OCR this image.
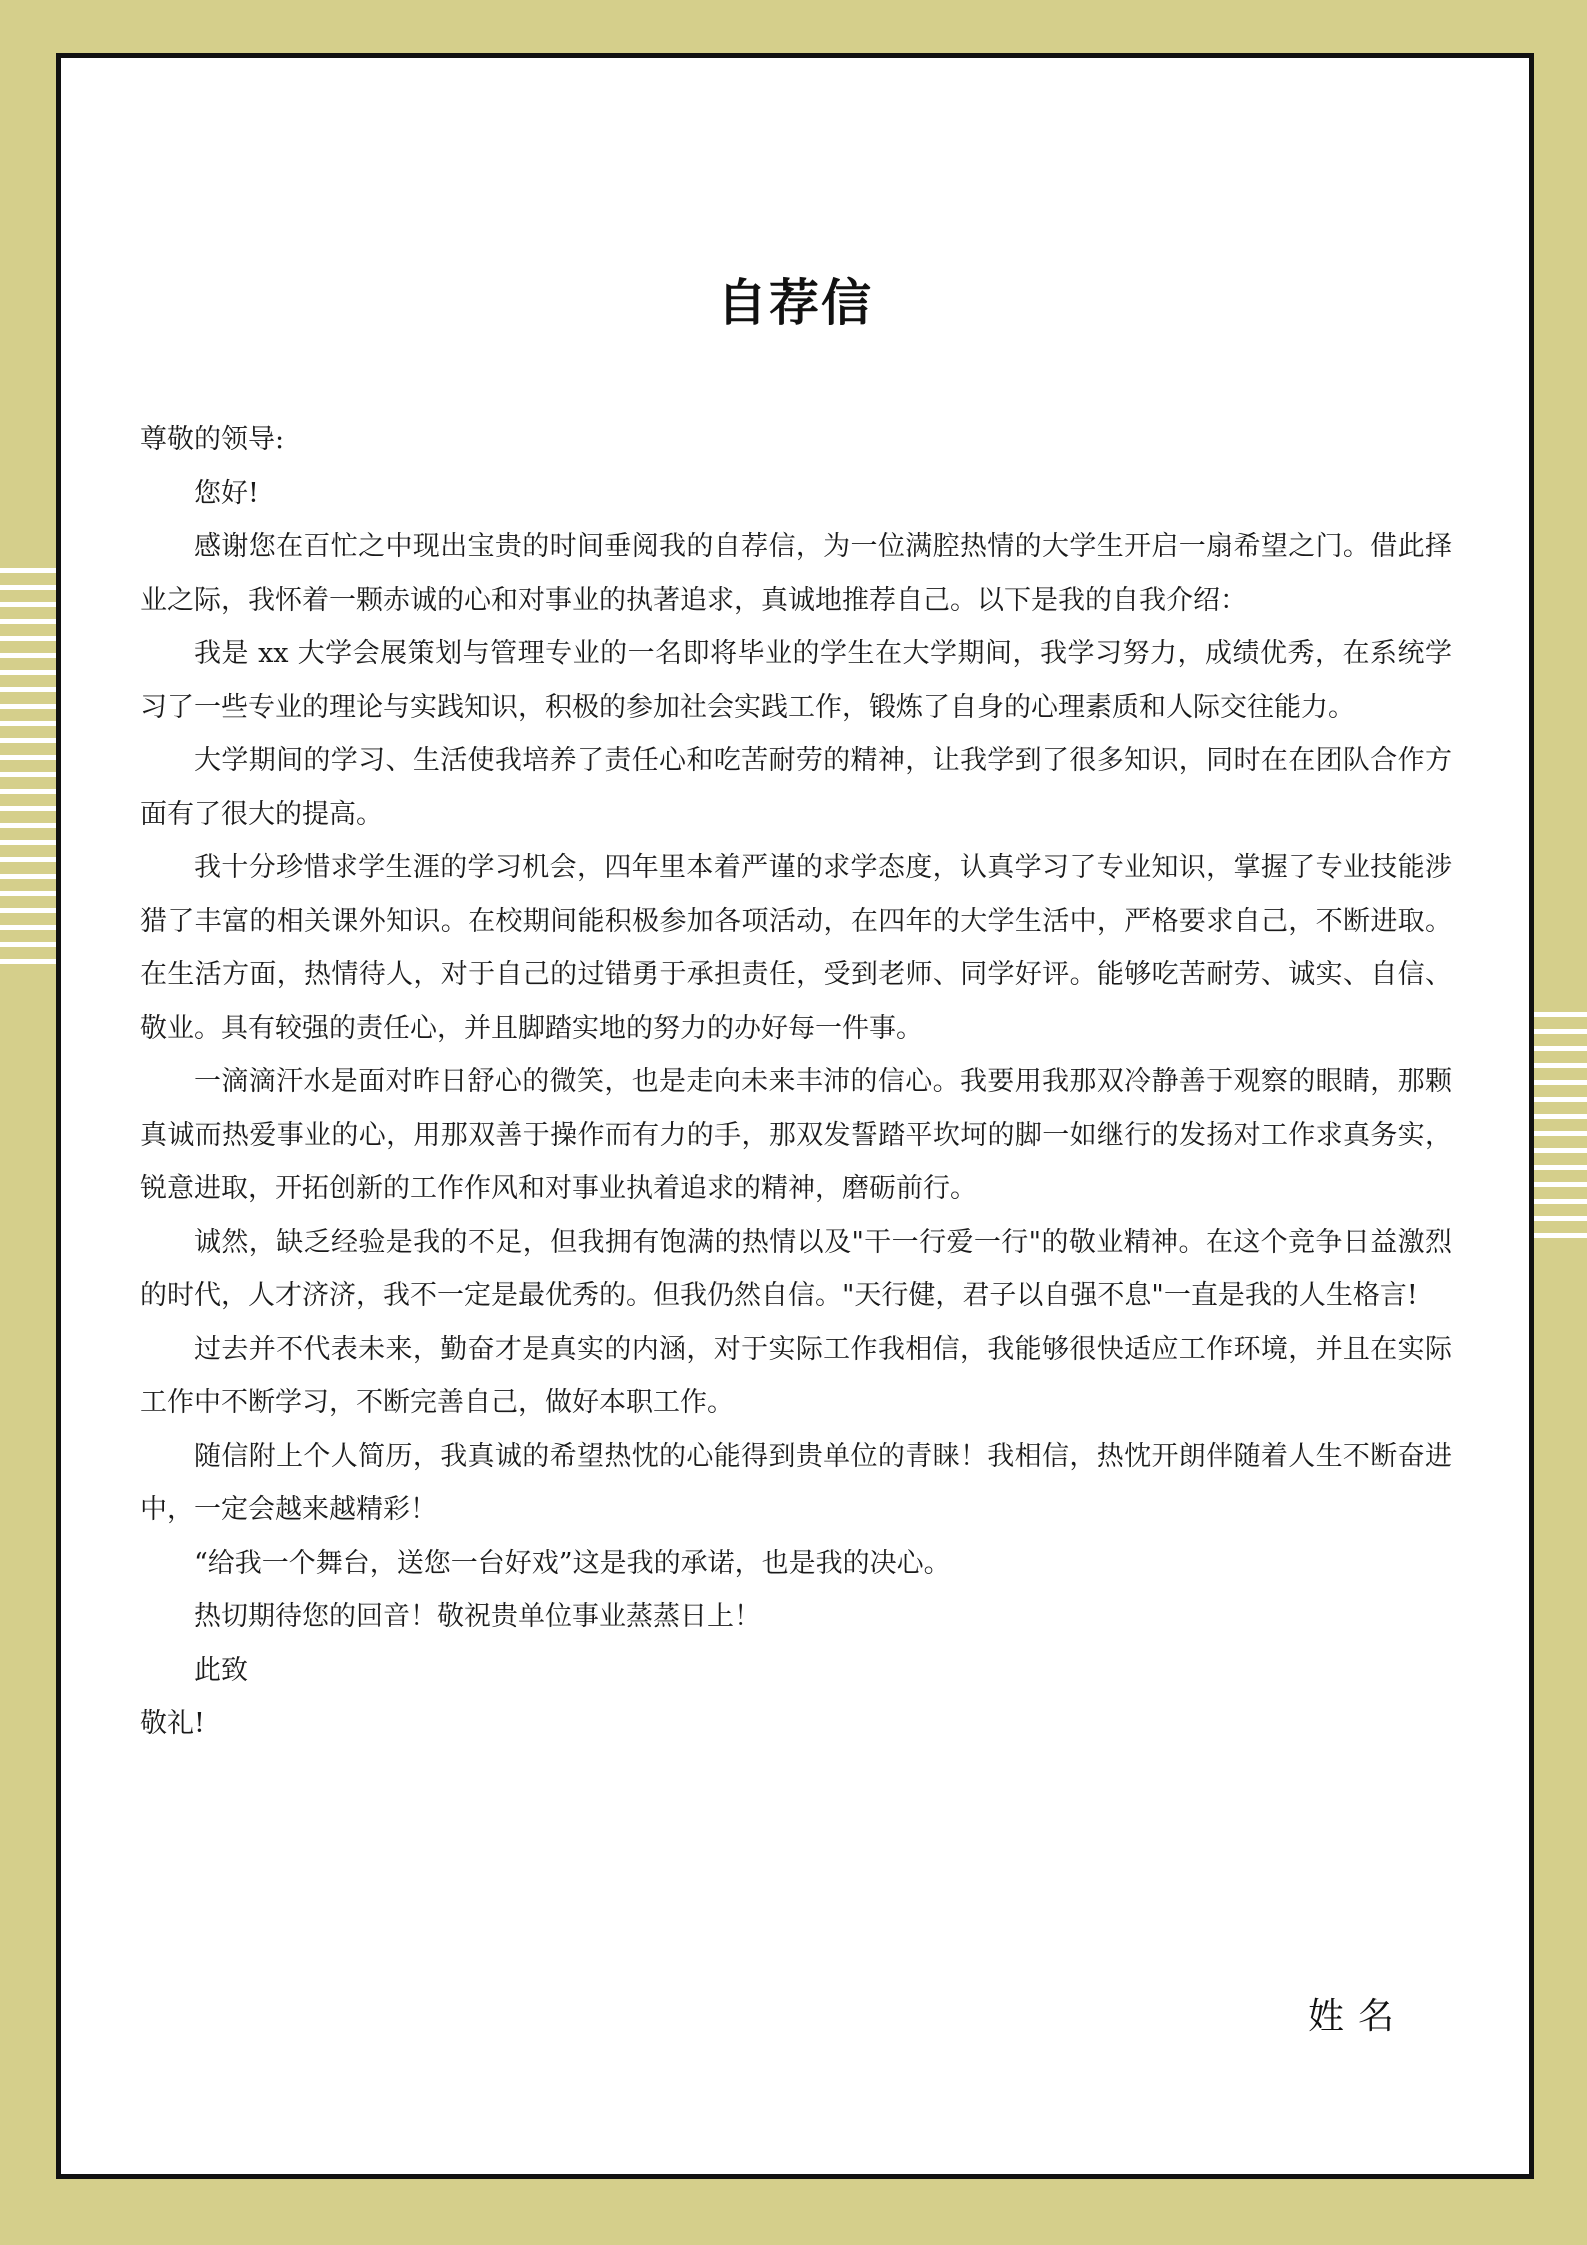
自荐信

尊敬的领导:

您好!

感谢您在百忙之中现出宝贵的时间垂阅我的自荐信，为一位满腔热情的大学生开启一扇希望之门。借此择业之际，我怀着一颗赤诚的心和对事业的执著追求，真诚地推荐自己。以下是我的自我介绍：

我是 xx 大学会展策划与管理专业的一名即将毕业的学生在大学期间，我学习努力，成绩优秀，在系统学习了一些专业的理论与实践知识，积极的参加社会实践工作，锻炼了自身的心理素质和人际交往能力。

大学期间的学习、生活使我培养了责任心和吃苦耐劳的精神，让我学到了很多知识，同时在在团队合作方面有了很大的提高。

我十分珍惜求学生涯的学习机会，四年里本着严谨的求学态度，认真学习了专业知识，掌握了专业技能涉猎了丰富的相关课外知识。在校期间能积极参加各项活动，在四年的大学生活中，严格要求自己，不断进取。在生活方面，热情待人，对于自己的过错勇于承担责任，受到老师、同学好评。能够吃苦耐劳、诚实、自信、敬业。具有较强的责任心，并且脚踏实地的努力的办好每一件事。

一滴滴汗水是面对昨日舒心的微笑，也是走向未来丰沛的信心。我要用我那双冷静善于观察的眼睛，那颗真诚而热爱事业的心，用那双善于操作而有力的手，那双发誓踏平坎坷的脚一如继行的发扬对工作求真务实，锐意进取，开拓创新的工作作风和对事业执着追求的精神，磨砺前行。

诚然，缺乏经验是我的不足，但我拥有饱满的热情以及"干一行爱一行"的敬业精神。在这个竞争日益激烈的时代，人才济济，我不一定是最优秀的。但我仍然自信。"天行健，君子以自强不息"一直是我的人生格言!

过去并不代表未来，勤奋才是真实的内涵，对于实际工作我相信，我能够很快适应工作环境，并且在实际工作中不断学习，不断完善自己，做好本职工作。

随信附上个人简历，我真诚的希望热忱的心能得到贵单位的青睐！我相信，热忱开朗伴随着人生不断奋进中，一定会越来越精彩！

“给我一个舞台，送您一台好戏”这是我的承诺，也是我的决心。

热切期待您的回音！敬祝贵单位事业蒸蒸日上！

此致

敬礼!

姓名
